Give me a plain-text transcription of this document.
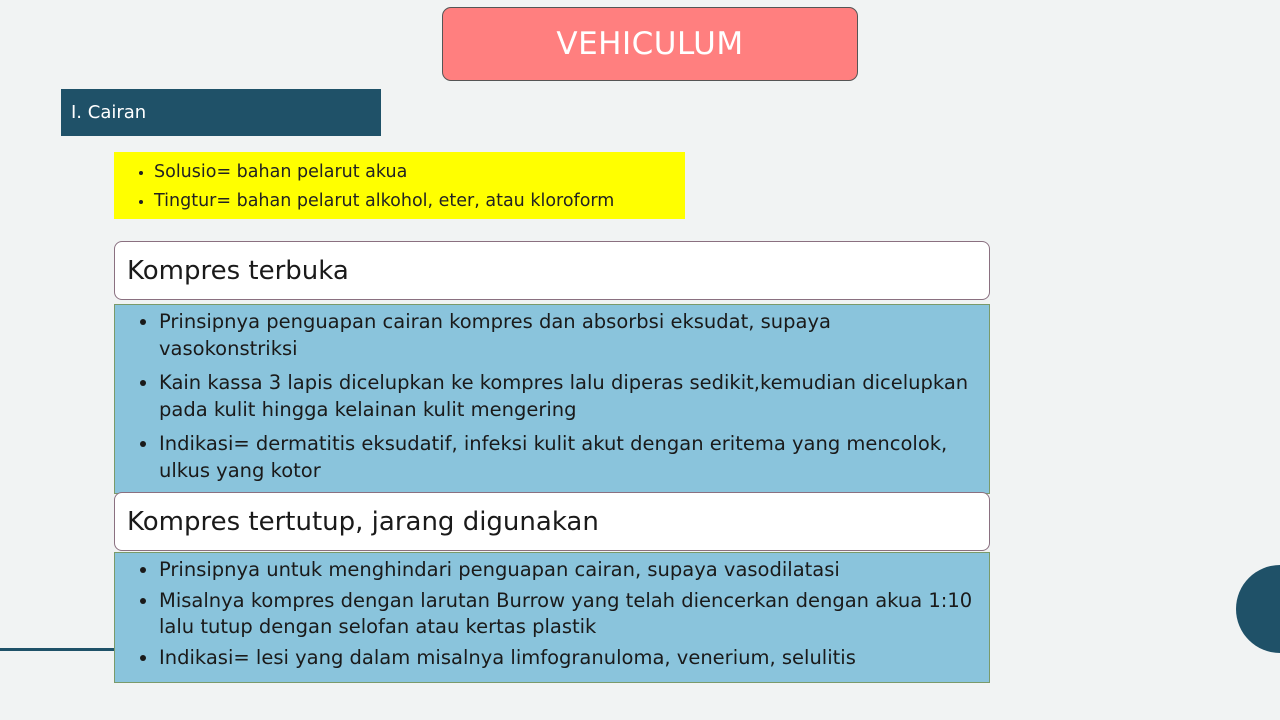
VEHICULUM
I. Cairan
• Solusio= bahan pelarut akua
• Tingtur= bahan pelarut alkohol, eter, atau kloroform
Kompres terbuka
• Prinsipnya penguapan cairan kompres dan absorbsi eksudat, supaya vasokonstriksi
• Kain kassa 3 lapis dicelupkan ke kompres lalu diperas sedikit,kemudian dicelupkan pada kulit hingga kelainan kulit mengering
• Indikasi= dermatitis eksudatif, infeksi kulit akut dengan eritema yang mencolok, ulkus yang kotor
Kompres tertutup, jarang digunakan
• Prinsipnya untuk menghindari penguapan cairan, supaya vasodilatasi
• Misalnya kompres dengan larutan Burrow yang telah diencerkan dengan akua 1:10 lalu tutup dengan selofan atau kertas plastik
• Indikasi= lesi yang dalam misalnya limfogranuloma, venerium, selulitis
